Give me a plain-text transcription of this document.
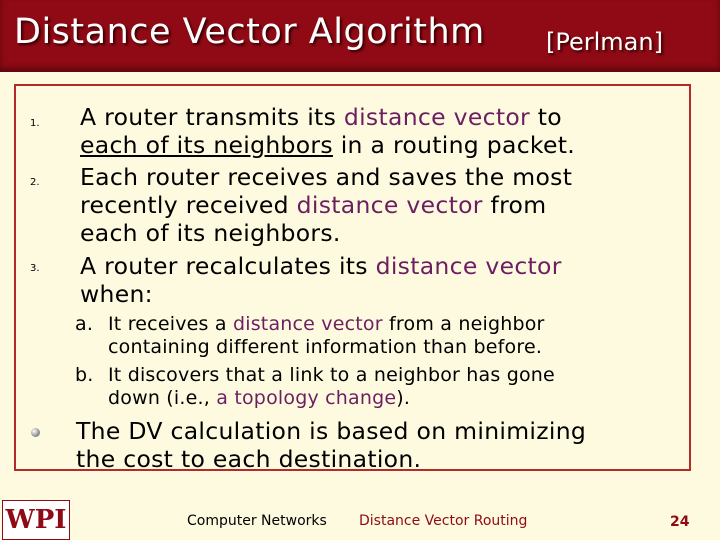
Distance Vector Algorithm	[Perlman]
1. A router transmits its distance vector to
each of its neighbors in a routing packet.
2. Each router receives and saves the most
recently received distance vector from
each of its neighbors.
3. A router recalculates its distance vector
when:
a. It receives a distance vector from a neighbor
containing different information than before.
b. It discovers that a link to a neighbor has gone
down (i.e., a topology change).
The DV calculation is based on minimizing
the cost to each destination.
WPI	Computer Networks Distance Vector Routing	24
